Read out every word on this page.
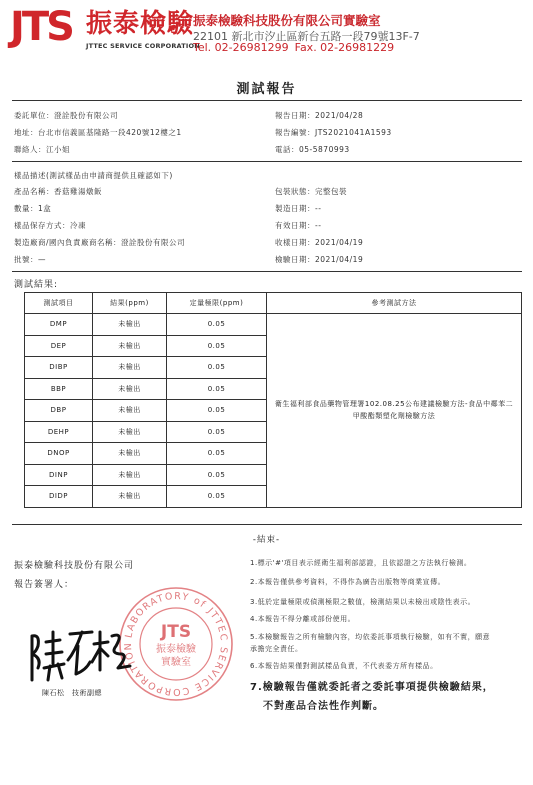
JTS 振泰檢驗
JTTEC SERVICE CORPORATION
振泰檢驗科技股份有限公司實驗室
22101 新北市汐止區新台五路一段79號13F-7
Tel. 02-26981299 Fax. 02-26981229
測試報告
委託單位：澄詮股份有限公司
地址：台北市信義區基隆路一段420號12樓之1
聯絡人：江小姐
報告日期：2021/04/28
報告編號：JTS2021041A1593
電話：05-5870993
樣品描述(測試樣品由申請商提供且確認如下)
產品名稱：香菇雞湯燉飯
數量：1盒
樣品保存方式：冷凍
製造廠商/國內負責廠商名稱：澄詮股份有限公司
批號：—
包裝狀態：完整包裝
製造日期：--
有效日期：--
收樣日期：2021/04/19
檢驗日期：2021/04/19
測試結果:
測試項目	結果(ppm)	定量極限(ppm)	參考測試方法
DMP	未檢出	0.05	衛生福利部食品藥物管理署102.08.25公布建議檢驗方法-食品中鄰苯二甲酸酯類塑化劑檢驗方法
DEP	未檢出	0.05	
DIBP	未檢出	0.05	
BBP	未檢出	0.05	
DBP	未檢出	0.05	
DEHP	未檢出	0.05	
DNOP	未檢出	0.05	
DINP	未檢出	0.05	
DIDP	未檢出	0.05	
-結束-
振泰檢驗科技股份有限公司
報告簽署人：
LABORATORY of JTTEC SERVICE CORPORATION
JTS
振泰檢驗
實驗室
陳石松　技術副總
1.標示'#'項目表示經衛生福利部認證，且依認證之方法執行檢測。
2.本報告僅供參考資料，不得作為廣告出版物等商業宣傳。
3.低於定量極限或偵測極限之數值，檢測結果以未檢出或陰性表示。
4.本報告不得分離或部份使用。
5.本檢驗報告之所有檢驗內容，均依委託事項執行檢驗，如有不實，願意
承擔完全責任。
6.本報告結果僅對測試樣品負責，不代表委方所有樣品。
7.檢驗報告僅就委託者之委託事項提供檢驗結果，
不對產品合法性作判斷。
